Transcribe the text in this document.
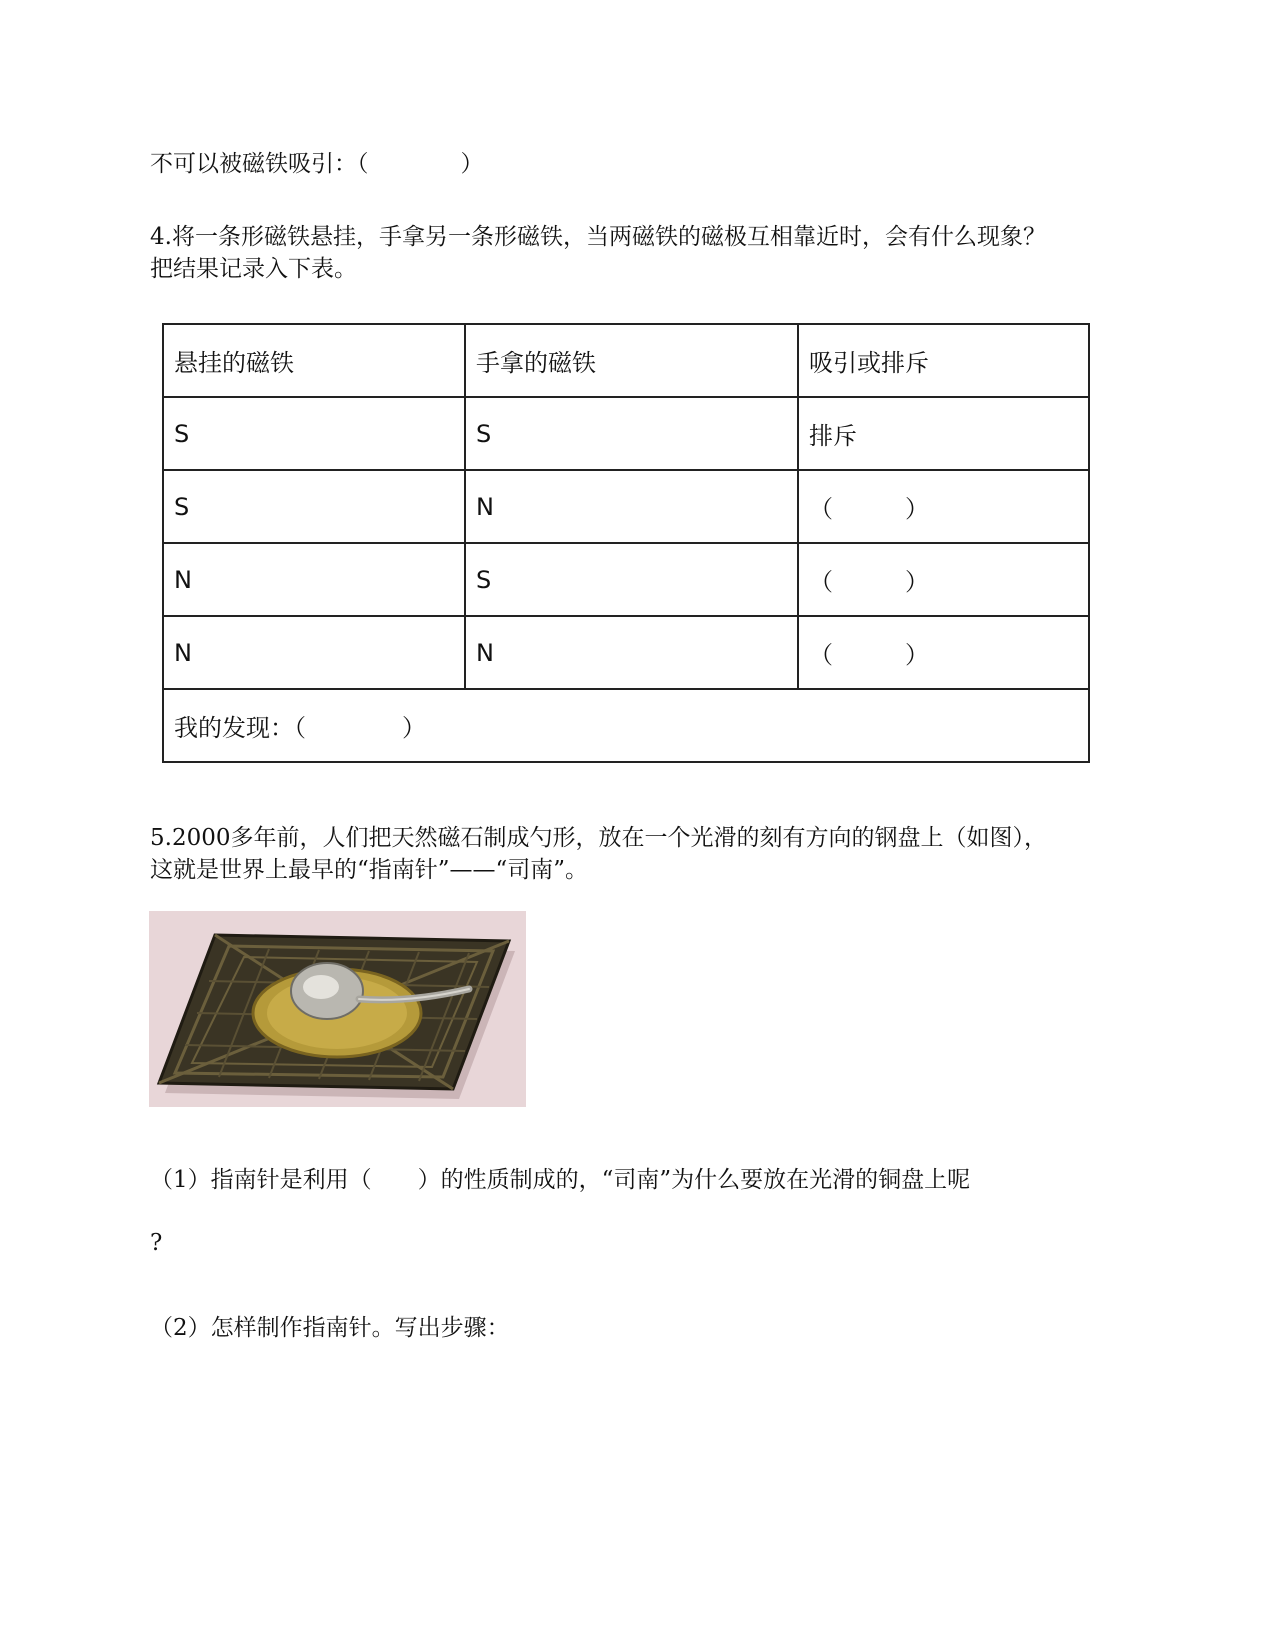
不可以被磁铁吸引：（　　　　）
4.将一条形磁铁悬挂，手拿另一条形磁铁，当两磁铁的磁极互相靠近时，会有什么现象？
把结果记录入下表。
悬挂的磁铁	手拿的磁铁	吸引或排斥
S	S	排斥
S	N	（　　　）
N	S	（　　　）
N	N	（　　　）
我的发现：（　　　　）		
5.2000多年前，人们把天然磁石制成勺形，放在一个光滑的刻有方向的钢盘上（如图），
这就是世界上最早的“指南针”——“司南”。
（1）指南针是利用（　　）的性质制成的，“司南”为什么要放在光滑的铜盘上呢
?
（2）怎样制作指南针。写出步骤：
